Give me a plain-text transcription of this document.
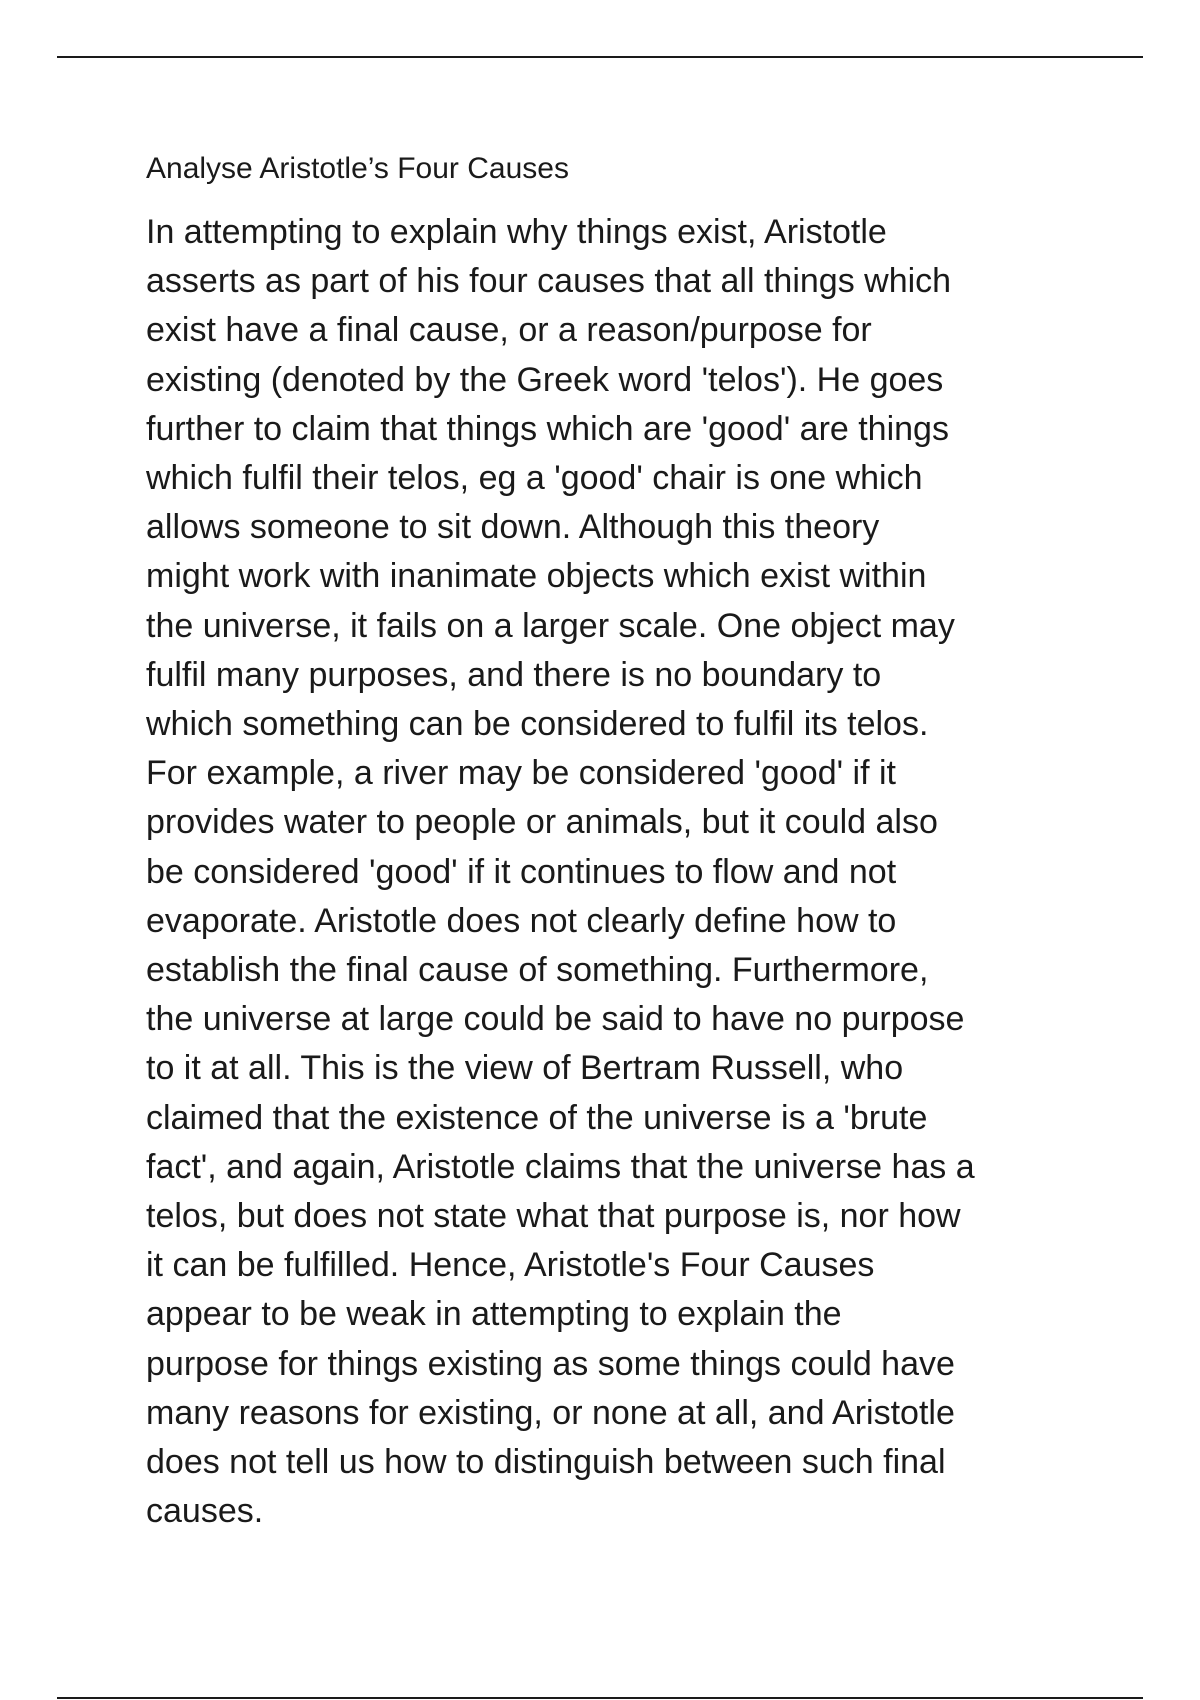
Analyse Aristotle’s Four Causes
In attempting to explain why things exist, Aristotle
asserts as part of his four causes that all things which
exist have a final cause, or a reason/purpose for
existing (denoted by the Greek word 'telos'). He goes
further to claim that things which are 'good' are things
which fulfil their telos, eg a 'good' chair is one which
allows someone to sit down. Although this theory
might work with inanimate objects which exist within
the universe, it fails on a larger scale. One object may
fulfil many purposes, and there is no boundary to
which something can be considered to fulfil its telos.
For example, a river may be considered 'good' if it
provides water to people or animals, but it could also
be considered 'good' if it continues to flow and not
evaporate. Aristotle does not clearly define how to
establish the final cause of something. Furthermore,
the universe at large could be said to have no purpose
to it at all. This is the view of Bertram Russell, who
claimed that the existence of the universe is a 'brute
fact', and again, Aristotle claims that the universe has a
telos, but does not state what that purpose is, nor how
it can be fulfilled. Hence, Aristotle's Four Causes
appear to be weak in attempting to explain the
purpose for things existing as some things could have
many reasons for existing, or none at all, and Aristotle
does not tell us how to distinguish between such final
causes.
